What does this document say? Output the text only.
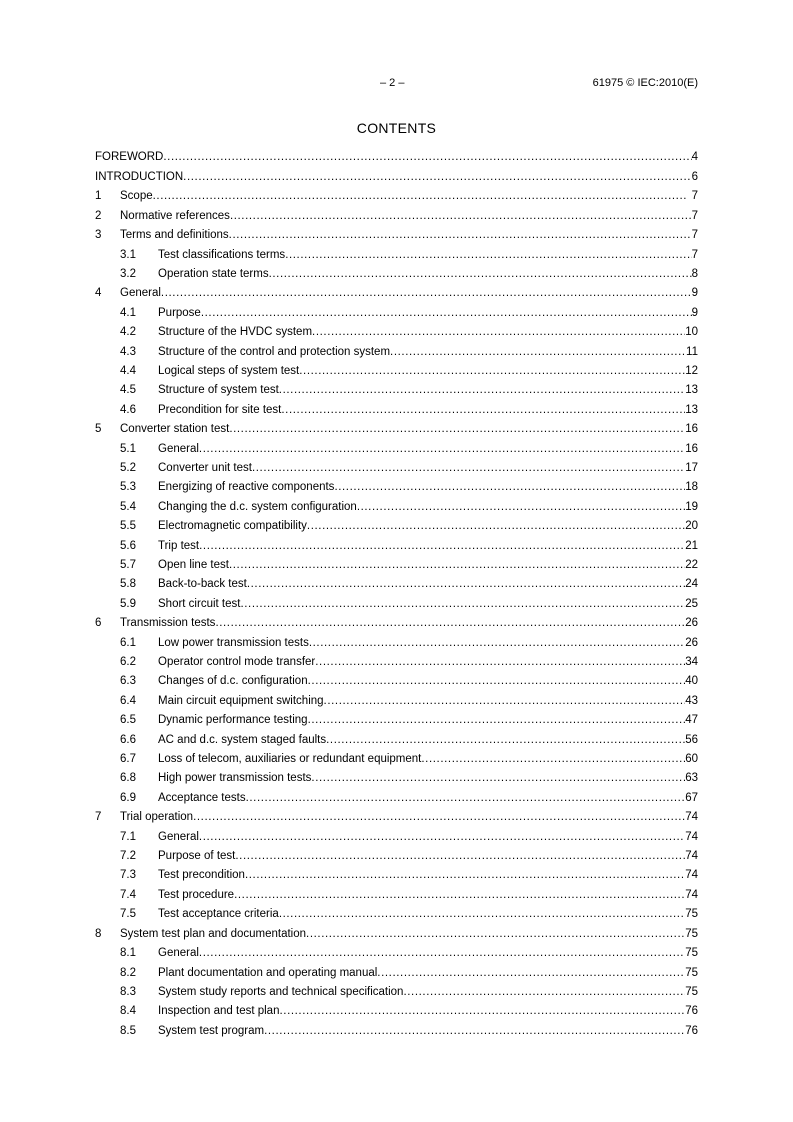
– 2 –	61975 © IEC:2010(E)
CONTENTS
FOREWORD . . .	4
INTRODUCTION . . .	6
1	Scope . . .	7
2	Normative references . . .	7
3	Terms and definitions . . .	7
3.1	Test classifications terms . . .	7
3.2	Operation state terms . . .	8
4	General . . .	9
4.1	Purpose . . .	9
4.2	Structure of the HVDC system . . .	10
4.3	Structure of the control and protection system . . .	11
4.4	Logical steps of system test . . .	12
4.5	Structure of system test . . .	13
4.6	Precondition for site test . . .	13
5	Converter station test . . .	16
5.1	General . . .	16
5.2	Converter unit test . . .	17
5.3	Energizing of reactive components . . .	18
5.4	Changing the d.c. system configuration . . .	19
5.5	Electromagnetic compatibility . . .	20
5.6	Trip test . . .	21
5.7	Open line test . . .	22
5.8	Back-to-back test . . .	24
5.9	Short circuit test . . .	25
6	Transmission tests . . .	26
6.1	Low power transmission tests . . .	26
6.2	Operator control mode transfer . . .	34
6.3	Changes of d.c. configuration . . .	40
6.4	Main circuit equipment switching . . .	43
6.5	Dynamic performance testing . . .	47
6.6	AC and d.c. system staged faults . . .	56
6.7	Loss of telecom, auxiliaries or redundant equipment . . .	60
6.8	High power transmission tests . . .	63
6.9	Acceptance tests . . .	67
7	Trial operation . . .	74
7.1	General . . .	74
7.2	Purpose of test . . .	74
7.3	Test precondition . . .	74
7.4	Test procedure . . .	74
7.5	Test acceptance criteria . . .	75
8	System test plan and documentation . . .	75
8.1	General . . .	75
8.2	Plant documentation and operating manual . . .	75
8.3	System study reports and technical specification . . .	75
8.4	Inspection and test plan . . .	76
8.5	System test program . . .	76
